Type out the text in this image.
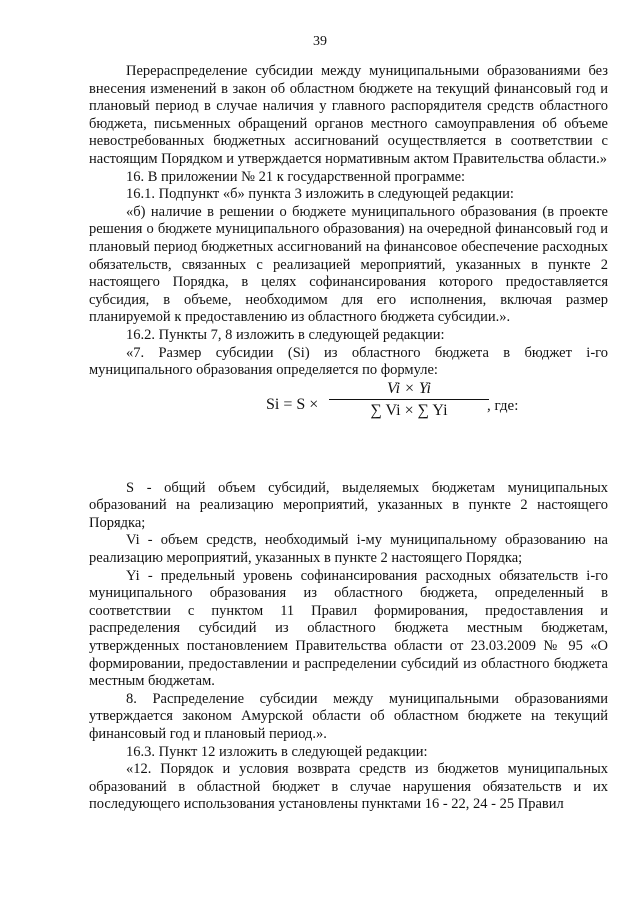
39

Перераспределение субсидии между муниципальными образованиями без внесения изменений в закон об областном бюджете на текущий финансовый год и плановый период в случае наличия у главного распорядителя средств областного бюджета, письменных обращений органов местного самоуправления об объеме невостребованных бюджетных ассигнований осуществляется в соответствии с настоящим Порядком и утверждается нормативным актом Правительства области.»

16. В приложении № 21 к государственной программе:

16.1. Подпункт «б» пункта 3 изложить в следующей редакции:

«б) наличие в решении о бюджете муниципального образования (в проекте решения о бюджете муниципального образования) на очередной финансовый год и плановый период бюджетных ассигнований на финансовое обеспечение расходных обязательств, связанных с реализацией мероприятий, указанных в пункте 2 настоящего Порядка, в целях софинансирования которого предоставляется субсидия, в объеме, необходимом для его исполнения, включая размер планируемой к предоставлению из областного бюджета субсидии.».

16.2. Пункты 7, 8 изложить в следующей редакции:

«7. Размер субсидии (Si) из областного бюджета в бюджет i-го муниципального образования определяется по формуле:

$Si = S \times \frac{Vi \times Yi}{\sum Vi \times \sum Yi}$
, где:

S - общий объем субсидий, выделяемых бюджетам муниципальных образований на реализацию мероприятий, указанных в пункте 2 настоящего Порядка;

Vi - объем средств, необходимый i-му муниципальному образованию на реализацию мероприятий, указанных в пункте 2 настоящего Порядка;

Yi - предельный уровень софинансирования расходных обязательств i-го муниципального образования из областного бюджета, определенный в соответствии с пунктом 11 Правил формирования, предоставления и распределения субсидий из областного бюджета местным бюджетам, утвержденных постановлением Правительства области от 23.03.2009 № 95 «О формировании, предоставлении и распределении субсидий из областного бюджета местным бюджетам.

8. Распределение субсидии между муниципальными образованиями утверждается законом Амурской области об областном бюджете на текущий финансовый год и плановый период.».

16.3. Пункт 12 изложить в следующей редакции:

«12. Порядок и условия возврата средств из бюджетов муниципальных образований в областной бюджет в случае нарушения обязательств и их последующего использования установлены пунктами 16 - 22, 24 - 25 Правил
